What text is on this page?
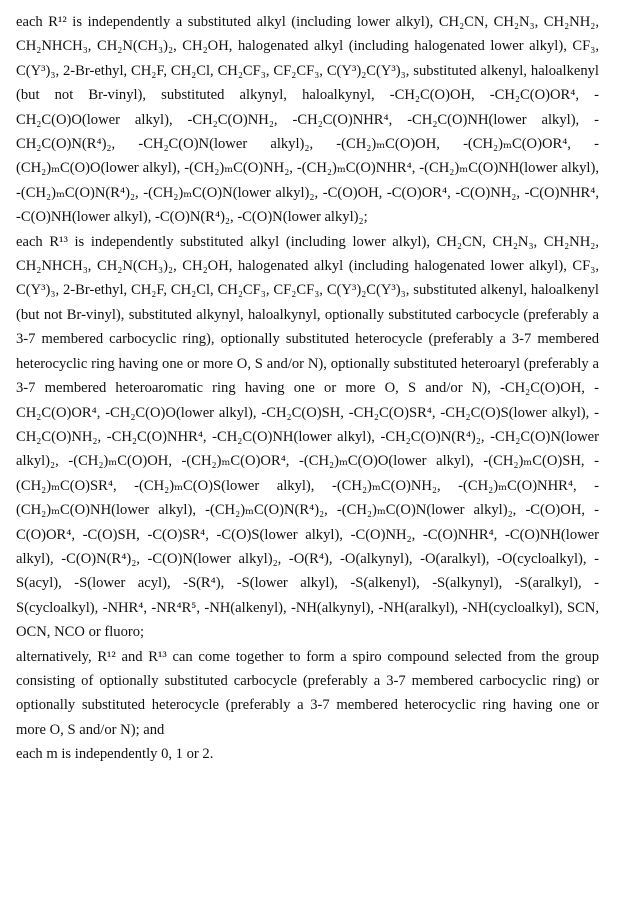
each R¹² is independently a substituted alkyl (including lower alkyl), CH₂CN, CH₂N₃, CH₂NH₂, CH₂NHCH₃, CH₂N(CH₃)₂, CH₂OH, halogenated alkyl (including halogenated lower alkyl), CF₃, C(Y³)₃, 2-Br-ethyl, CH₂F, CH₂Cl, CH₂CF₃, CF₂CF₃, C(Y³)₂C(Y³)₃, substituted alkenyl, haloalkenyl (but not Br-vinyl), substituted alkynyl, haloalkynyl, -CH₂C(O)OH, -CH₂C(O)OR⁴, -CH₂C(O)O(lower alkyl), -CH₂C(O)NH₂, -CH₂C(O)NHR⁴, -CH₂C(O)NH(lower alkyl), -CH₂C(O)N(R⁴)₂, -CH₂C(O)N(lower alkyl)₂, -(CH₂)ₘC(O)OH, -(CH₂)ₘC(O)OR⁴, -(CH₂)ₘC(O)O(lower alkyl), -(CH₂)ₘC(O)NH₂, -(CH₂)ₘC(O)NHR⁴, -(CH₂)ₘC(O)NH(lower alkyl), -(CH₂)ₘC(O)N(R⁴)₂, -(CH₂)ₘC(O)N(lower alkyl)₂, -C(O)OH, -C(O)OR⁴, -C(O)NH₂, -C(O)NHR⁴, -C(O)NH(lower alkyl), -C(O)N(R⁴)₂, -C(O)N(lower alkyl)₂;

each R¹³ is independently substituted alkyl (including lower alkyl), CH₂CN, CH₂N₃, CH₂NH₂, CH₂NHCH₃, CH₂N(CH₃)₂, CH₂OH, halogenated alkyl (including halogenated lower alkyl), CF₃, C(Y³)₃, 2-Br-ethyl, CH₂F, CH₂Cl, CH₂CF₃, CF₂CF₃, C(Y³)₂C(Y³)₃, substituted alkenyl, haloalkenyl (but not Br-vinyl), substituted alkynyl, haloalkynyl, optionally substituted carbocycle (preferably a 3-7 membered carbocyclic ring), optionally substituted heterocycle (preferably a 3-7 membered heterocyclic ring having one or more O, S and/or N), optionally substituted heteroaryl (preferably a 3-7 membered heteroaromatic ring having one or more O, S and/or N), -CH₂C(O)OH, -CH₂C(O)OR⁴, -CH₂C(O)O(lower alkyl), -CH₂C(O)SH, -CH₂C(O)SR⁴, -CH₂C(O)S(lower alkyl), -CH₂C(O)NH₂, -CH₂C(O)NHR⁴, -CH₂C(O)NH(lower alkyl), -CH₂C(O)N(R⁴)₂, -CH₂C(O)N(lower alkyl)₂, -(CH₂)ₘC(O)OH, -(CH₂)ₘC(O)OR⁴, -(CH₂)ₘC(O)O(lower alkyl), -(CH₂)ₘC(O)SH, -(CH₂)ₘC(O)SR⁴, -(CH₂)ₘC(O)S(lower alkyl), -(CH₂)ₘC(O)NH₂, -(CH₂)ₘC(O)NHR⁴, -(CH₂)ₘC(O)NH(lower alkyl), -(CH₂)ₘC(O)N(R⁴)₂, -(CH₂)ₘC(O)N(lower alkyl)₂, -C(O)OH, -C(O)OR⁴, -C(O)SH, -C(O)SR⁴, -C(O)S(lower alkyl), -C(O)NH₂, -C(O)NHR⁴, -C(O)NH(lower alkyl), -C(O)N(R⁴)₂, -C(O)N(lower alkyl)₂, -O(R⁴), -O(alkynyl), -O(aralkyl), -O(cycloalkyl), -S(acyl), -S(lower acyl), -S(R⁴), -S(lower alkyl), -S(alkenyl), -S(alkynyl), -S(aralkyl), -S(cycloalkyl), -NHR⁴, -NR⁴R⁵, -NH(alkenyl), -NH(alkynyl), -NH(aralkyl), -NH(cycloalkyl), SCN, OCN, NCO or fluoro;

alternatively, R¹² and R¹³ can come together to form a spiro compound selected from the group consisting of optionally substituted carbocycle (preferably a 3-7 membered carbocyclic ring) or optionally substituted heterocycle (preferably a 3-7 membered heterocyclic ring having one or more O, S and/or N); and

each m is independently 0, 1 or 2.
